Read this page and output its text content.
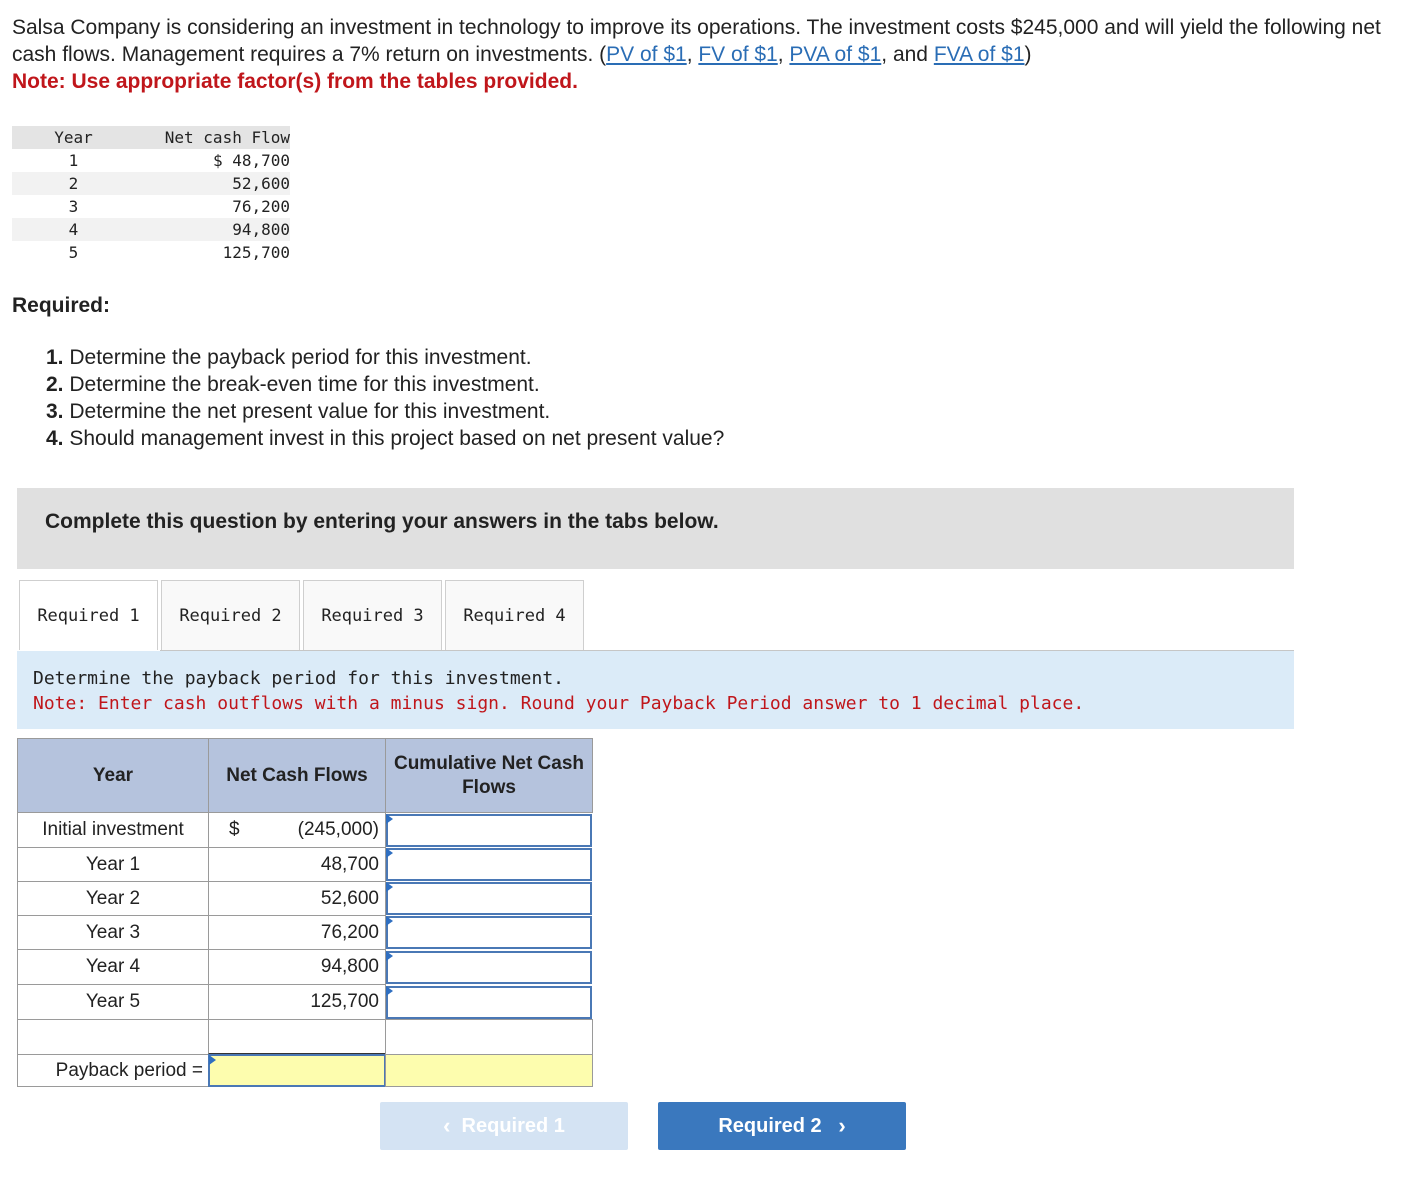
Salsa Company is considering an investment in technology to improve its operations. The investment costs $245,000 and will yield the following net cash flows. Management requires a 7% return on investments. (PV of $1, FV of $1, PVA of $1, and FVA of $1)
Note: Use appropriate factor(s) from the tables provided.
Year	Net cash Flow
1	$ 48,700
2	52,600
3	76,200
4	94,800
5	125,700
Required:
1. Determine the payback period for this investment.
2. Determine the break-even time for this investment.
3. Determine the net present value for this investment.
4. Should management invest in this project based on net present value?
Complete this question by entering your answers in the tabs below.
Required 1	Required 2	Required 3	Required 4
Determine the payback period for this investment.
Note: Enter cash outflows with a minus sign. Round your Payback Period answer to 1 decimal place.
Year	Net Cash Flows
Cumulative Net Cash Flows
Initial investment	$	(245,000)
Year 1	48,700
Year 2	52,600
Year 3	76,200
Year 4	94,800
Year 5	125,700
Payback period =
‹
Required 1	Required 2
›
